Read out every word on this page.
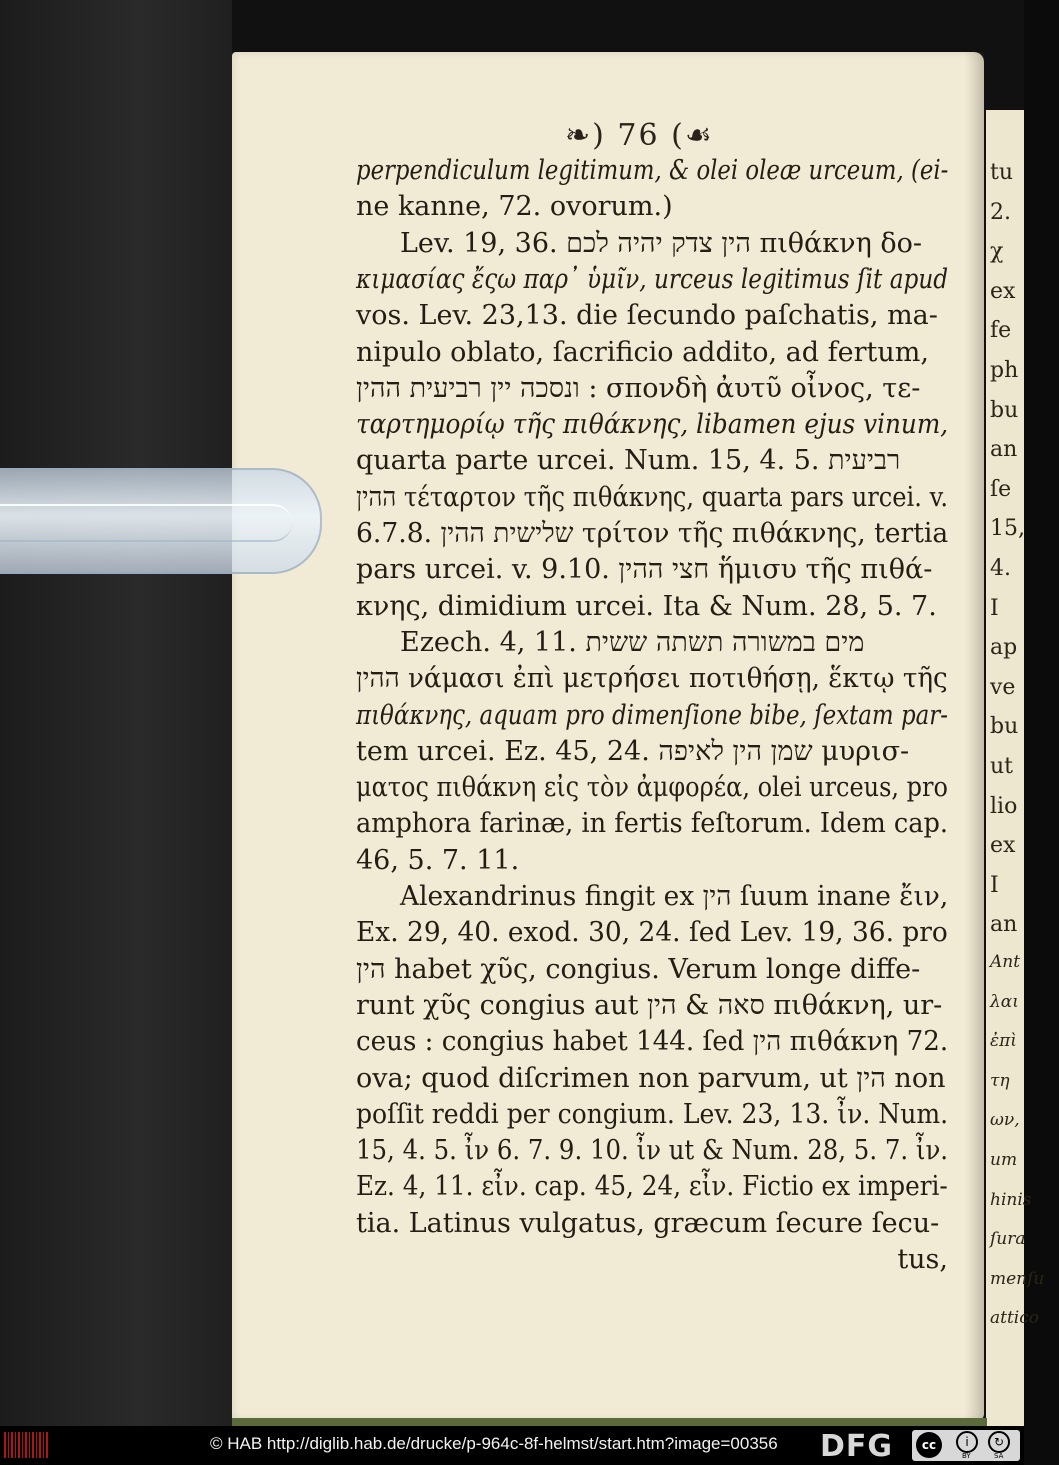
tu
2.
χ
ex
fe
ph
bu
an
ſe
15,
4.
I
ap
ve
bu
ut
lio
ex
I
an
Ant
λαι
ἐπὶ
τη
ων,
um
hinis
ſura
menſu
attico
❧) 76 (☙
perpendiculum legitimum, & olei oleæ urceum, (ei-
ne kanne, 72. ovorum.)
Lev. 19, 36. הין צדק יהיה לכם πιθάκνη δο-
κιμασίας ἔςω παρ᾽ ὑμῖν, urceus legitimus ſit apud
vos. Lev. 23,13. die ſecundo paſchatis, ma-
nipulo oblato, ſacrificio addito, ad fertum,
ונסכה יין רביעית ההין : σπονδὴ ἀυτῦ οἶνος, τε-
ταρτημορίῳ τῆς πιθάκνης, libamen ejus vinum,
quarta parte urcei. Num. 15, 4. 5. רביעית
ההין τέταρτον τῆς πιθάκνης, quarta pars urcei. v.
6.7.8. שלישית ההין τρίτον τῆς πιθάκνης, tertia
pars urcei. v. 9.10. חצי ההין ἥμισυ τῆς πιθά-
κνης, dimidium urcei. Ita & Num. 28, 5. 7.
Ezech. 4, 11. מים במשורה תשתה ששית
ההין νάμασι ἐπὶ μετρήσει ποτιθήσῃ, ἕκτῳ τῆς
πιθάκνης, aquam pro dimenſione bibe, ſextam par-
tem urcei. Ez. 45, 24. שמן הין לאיפה μυρισ-
ματος πιθάκνη εἰς τὸν ἀμφορέα, olei urceus, pro
amphora farinæ, in fertis feſtorum. Idem cap.
46, 5. 7. 11.
Alexandrinus fingit ex הין ſuum inane ἔιν,
Ex. 29, 40. exod. 30, 24. ſed Lev. 19, 36. pro
הין habet χῦς, congius. Verum longe diffe-
runt χῦς congius aut סאה & הין πιθάκνη, ur-
ceus : congius habet 144. ſed הין πιθάκνη 72.
ova; quod diſcrimen non parvum, ut הין non
poſſit reddi per congium. Lev. 23, 13. ἶν. Num.
15, 4. 5. ἶν 6. 7. 9. 10. ἶν ut & Num. 28, 5. 7. ἶν.
Ez. 4, 11. εἶν. cap. 45, 24, εἶν. Fictio ex imperi-
tia. Latinus vulgatus, græcum ſecure ſecu-
tus,
© HAB http://diglib.hab.de/drucke/p-964c-8f-helmst/start.htm?image=00356 DFG	cc	i	↻
BY	SA
